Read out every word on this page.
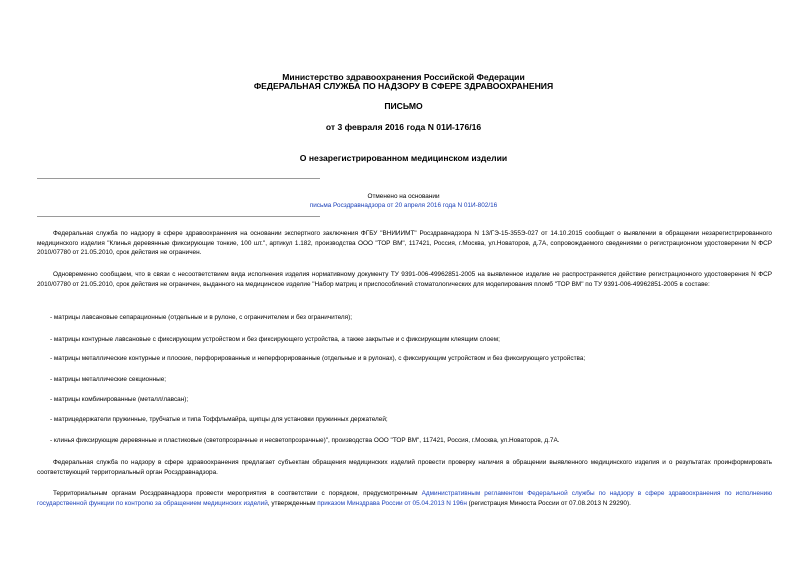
Министерство здравоохранения Российской Федерации
ФЕДЕРАЛЬНАЯ СЛУЖБА ПО НАДЗОРУ В СФЕРЕ ЗДРАВООХРАНЕНИЯ
ПИСЬМО
от 3 февраля 2016 года N 01И-176/16
О незарегистрированном медицинском изделии
Отменено на основании
письма Росздравнадзора от 20 апреля 2016 года N 01И-802/16
Федеральная служба по надзору в сфере здравоохранения на основании экспертного заключения ФГБУ "ВНИИИМТ" Росздравнадзора N 13/ГЭ-15-355Э-027 от 14.10.2015 сообщает о выявлении в обращении незарегистрированного медицинского изделия "Клинья деревянные фиксирующие тонкие, 100 шт.", артикул 1.182, производства ООО "ТОР ВМ", 117421, Россия, г.Москва, ул.Новаторов, д.7А, сопровождаемого сведениями о регистрационном удостоверении N ФСР 2010/07780 от 21.05.2010, срок действия не ограничен.
Одновременно сообщаем, что в связи с несоответствием вида исполнения изделия нормативному документу ТУ 9391-006-49962851-2005 на выявленное изделие не распространяется действие регистрационного удостоверения N ФСР 2010/07780 от 21.05.2010, срок действия не ограничен, выданного на медицинское изделие "Набор матриц и приспособлений стоматологических для моделирования пломб "ТОР ВМ" по ТУ 9391-006-49962851-2005 в составе:
- матрицы лавсановые сепарационные (отдельные и в рулоне, с ограничителем и без ограничителя);
- матрицы контурные лавсановые с фиксирующим устройством и без фиксирующего устройства, а также закрытые и с фиксирующим клеящим слоем;
- матрицы металлические контурные и плоские, перфорированные и неперфорированные (отдельные и в рулонах), с фиксирующим устройством и без фиксирующего устройства;
- матрицы металлические секционные;
- матрицы комбинированные (металл/лавсан);
- матрицедержатели пружинные, трубчатые и типа Тоффльмайра, щипцы для установки пружинных держателей;
- клинья фиксирующие деревянные и пластиковые (светопрозрачные и несветопрозрачные)", производства ООО "ТОР ВМ", 117421, Россия, г.Москва, ул.Новаторов, д.7А.
Федеральная служба по надзору в сфере здравоохранения предлагает субъектам обращения медицинских изделий провести проверку наличия в обращении выявленного медицинского изделия и о результатах проинформировать соответствующий территориальный орган Росздравнадзора.
Территориальным органам Росздравнадзора провести мероприятия в соответствии с порядком, предусмотренным Административным регламентом Федеральной службы по надзору в сфере здравоохранения по исполнению государственной функции по контролю за обращением медицинских изделий, утвержденным приказом Минздрава России от 05.04.2013 N 196н (регистрация Минюста России от 07.08.2013 N 29290).
